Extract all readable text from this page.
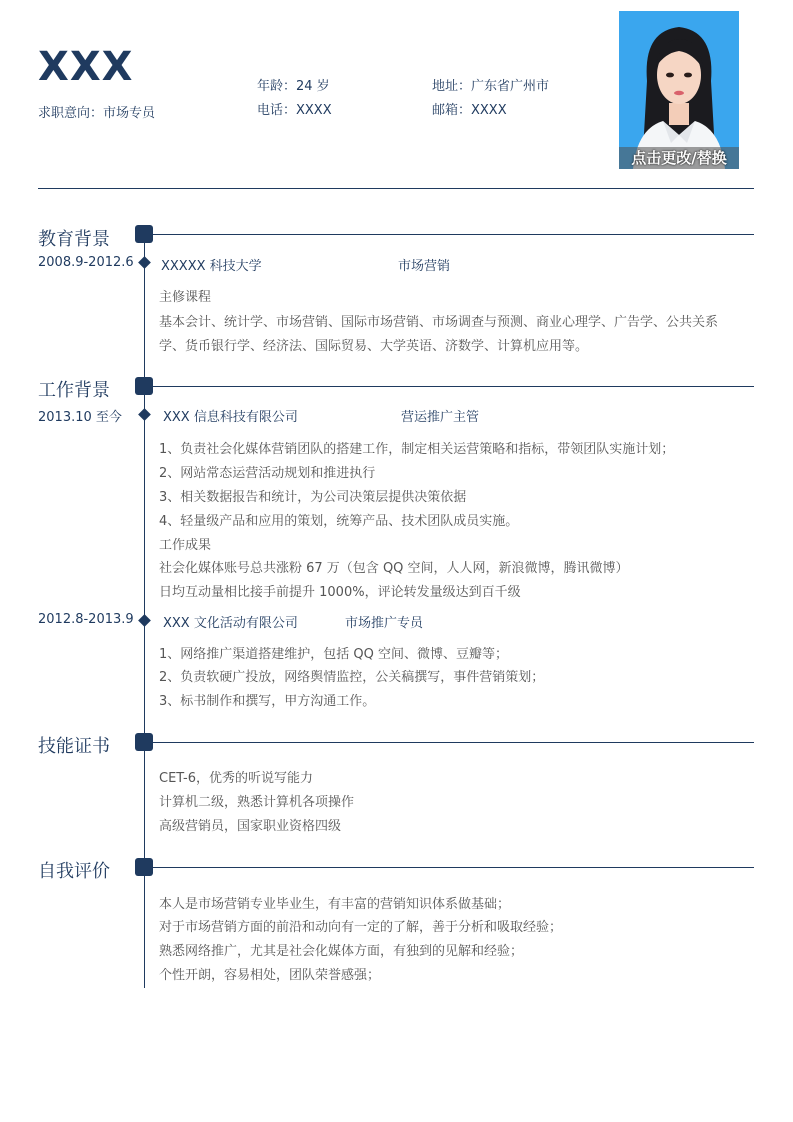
XXX
求职意向：市场专员
年龄：24 岁	地址：广东省广州市
电话：XXXX	邮箱：XXXX
点击更改/替换
教育背景
2008.9-2012.6 XXXXX 科技大学	市场营销
主修课程
基本会计、统计学、市场营销、国际市场营销、市场调查与预测、商业心理学、广告学、公共关系
学、货币银行学、经济法、国际贸易、大学英语、济数学、计算机应用等。
工作背景
2013.10 至今	XXX 信息科技有限公司	营运推广主管
1、负责社会化媒体营销团队的搭建工作，制定相关运营策略和指标，带领团队实施计划；
2、网站常态运营活动规划和推进执行
3、相关数据报告和统计，为公司决策层提供决策依据
4、轻量级产品和应用的策划，统筹产品、技术团队成员实施。
工作成果
社会化媒体账号总共涨粉 67 万（包含 QQ 空间，人人网，新浪微博，腾讯微博）
日均互动量相比接手前提升 1000%，评论转发量级达到百千级
2012.8-2013.9 XXX 文化活动有限公司	市场推广专员
1、网络推广渠道搭建维护，包括 QQ 空间、微博、豆瓣等；
2、负责软硬广投放，网络舆情监控，公关稿撰写，事件营销策划；
3、标书制作和撰写，甲方沟通工作。
技能证书
CET-6，优秀的听说写能力
计算机二级，熟悉计算机各项操作
高级营销员，国家职业资格四级
自我评价
本人是市场营销专业毕业生，有丰富的营销知识体系做基础；
对于市场营销方面的前沿和动向有一定的了解，善于分析和吸取经验；
熟悉网络推广，尤其是社会化媒体方面，有独到的见解和经验；
个性开朗，容易相处，团队荣誉感强；
